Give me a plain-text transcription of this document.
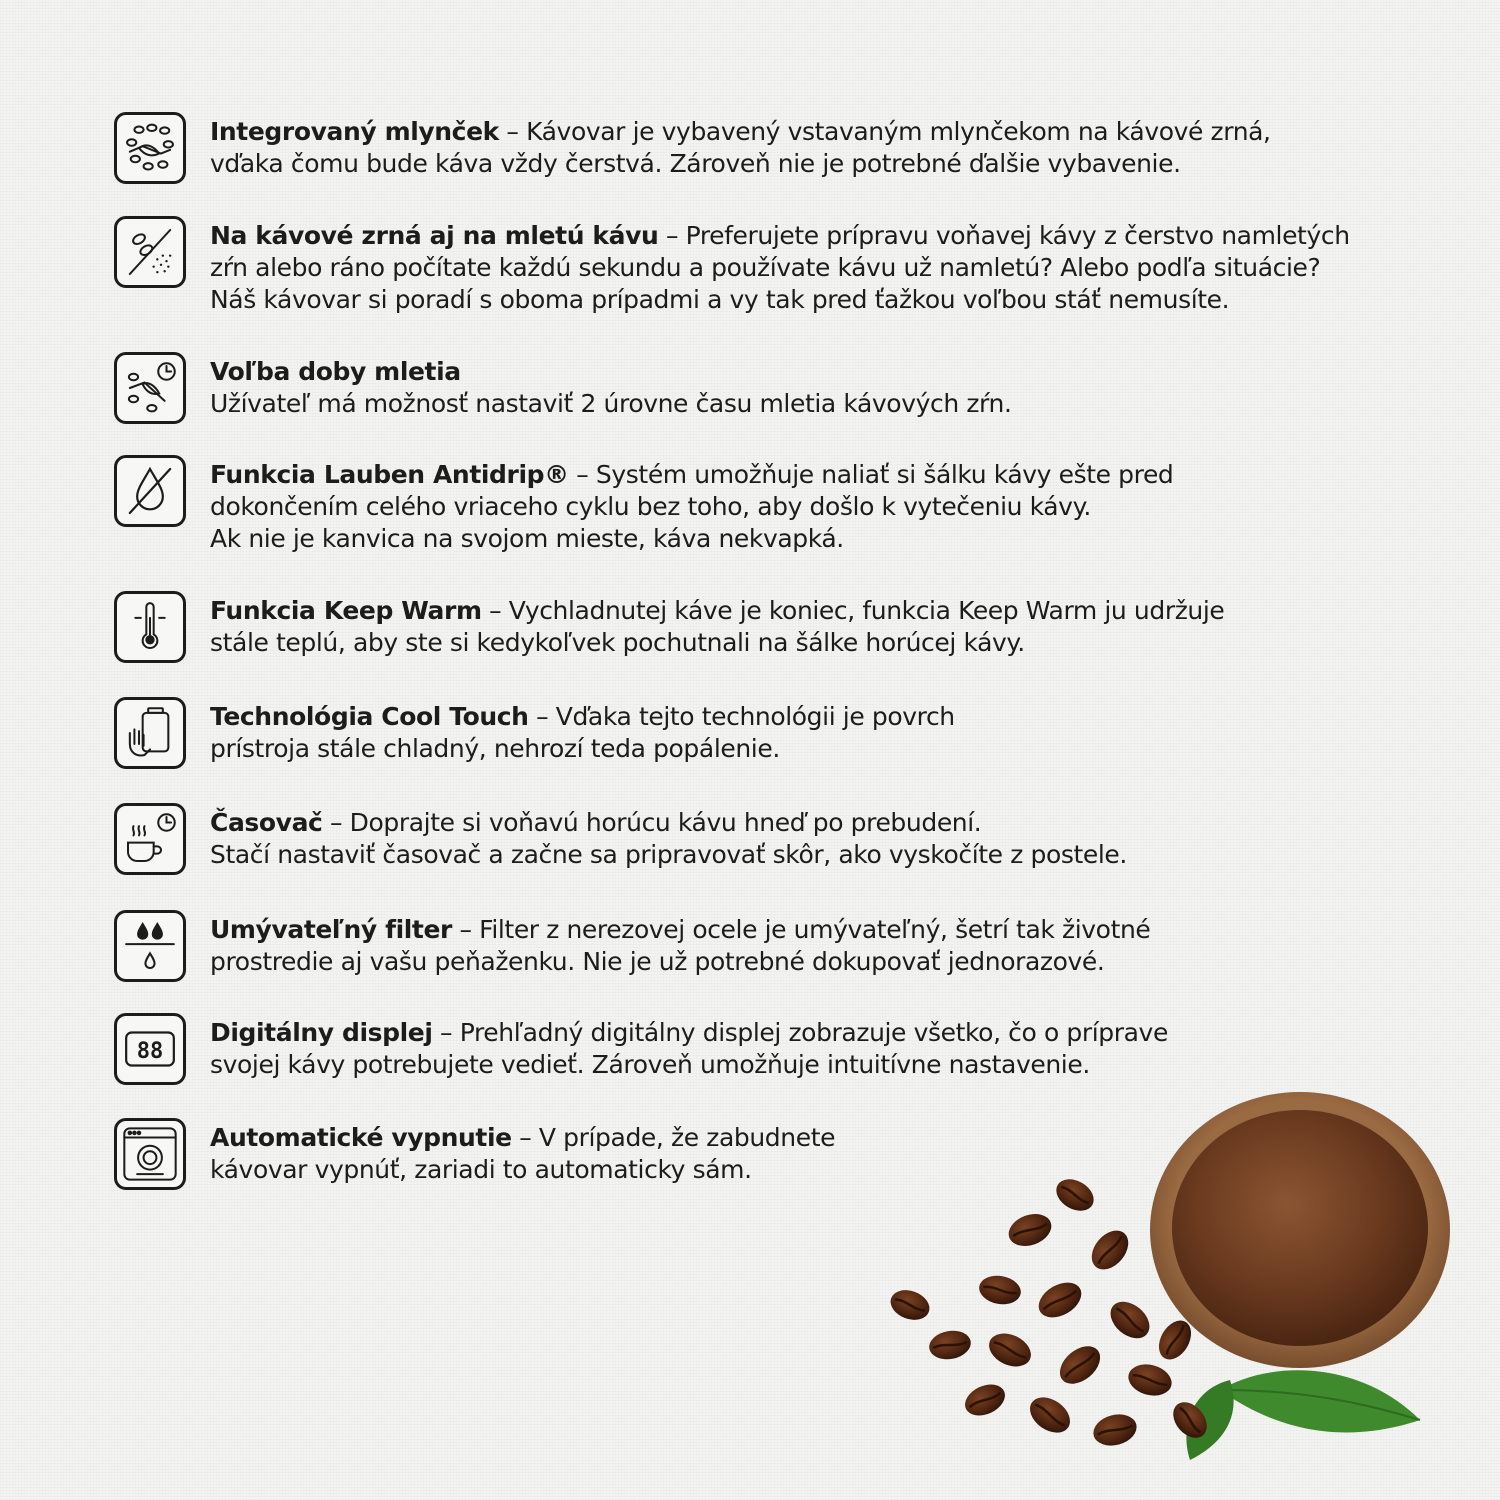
Integrovaný mlynček – Kávovar je vybavený vstavaným mlynčekom na kávové zrná,
vďaka čomu bude káva vždy čerstvá. Zároveň nie je potrebné ďalšie vybavenie.
Na kávové zrná aj na mletú kávu – Preferujete prípravu voňavej kávy z čerstvo namletých
zŕn alebo ráno počítate každú sekundu a používate kávu už namletú? Alebo podľa situácie?
Náš kávovar si poradí s oboma prípadmi a vy tak pred ťažkou voľbou stáť nemusíte.
Voľba doby mletia
Užívateľ má možnosť nastaviť 2 úrovne času mletia kávových zŕn.
Funkcia Lauben Antidrip® – Systém umožňuje naliať si šálku kávy ešte pred
dokončením celého vriaceho cyklu bez toho, aby došlo k vytečeniu kávy.
Ak nie je kanvica na svojom mieste, káva nekvapká.
Funkcia Keep Warm – Vychladnutej káve je koniec, funkcia Keep Warm ju udržuje
stále teplú, aby ste si kedykoľvek pochutnali na šálke horúcej kávy.
Technológia Cool Touch – Vďaka tejto technológii je povrch
prístroja stále chladný, nehrozí teda popálenie.
Časovač – Doprajte si voňavú horúcu kávu hneď po prebudení.
Stačí nastaviť časovač a začne sa pripravovať skôr, ako vyskočíte z postele.
Umývateľný filter – Filter z nerezovej ocele je umývateľný, šetrí tak životné
prostredie aj vašu peňaženku. Nie je už potrebné dokupovať jednorazové.
88
Digitálny displej – Prehľadný digitálny displej zobrazuje všetko, čo o príprave
svojej kávy potrebujete vedieť. Zároveň umožňuje intuitívne nastavenie.
Automatické vypnutie – V prípade, že zabudnete
kávovar vypnúť, zariadi to automaticky sám.
